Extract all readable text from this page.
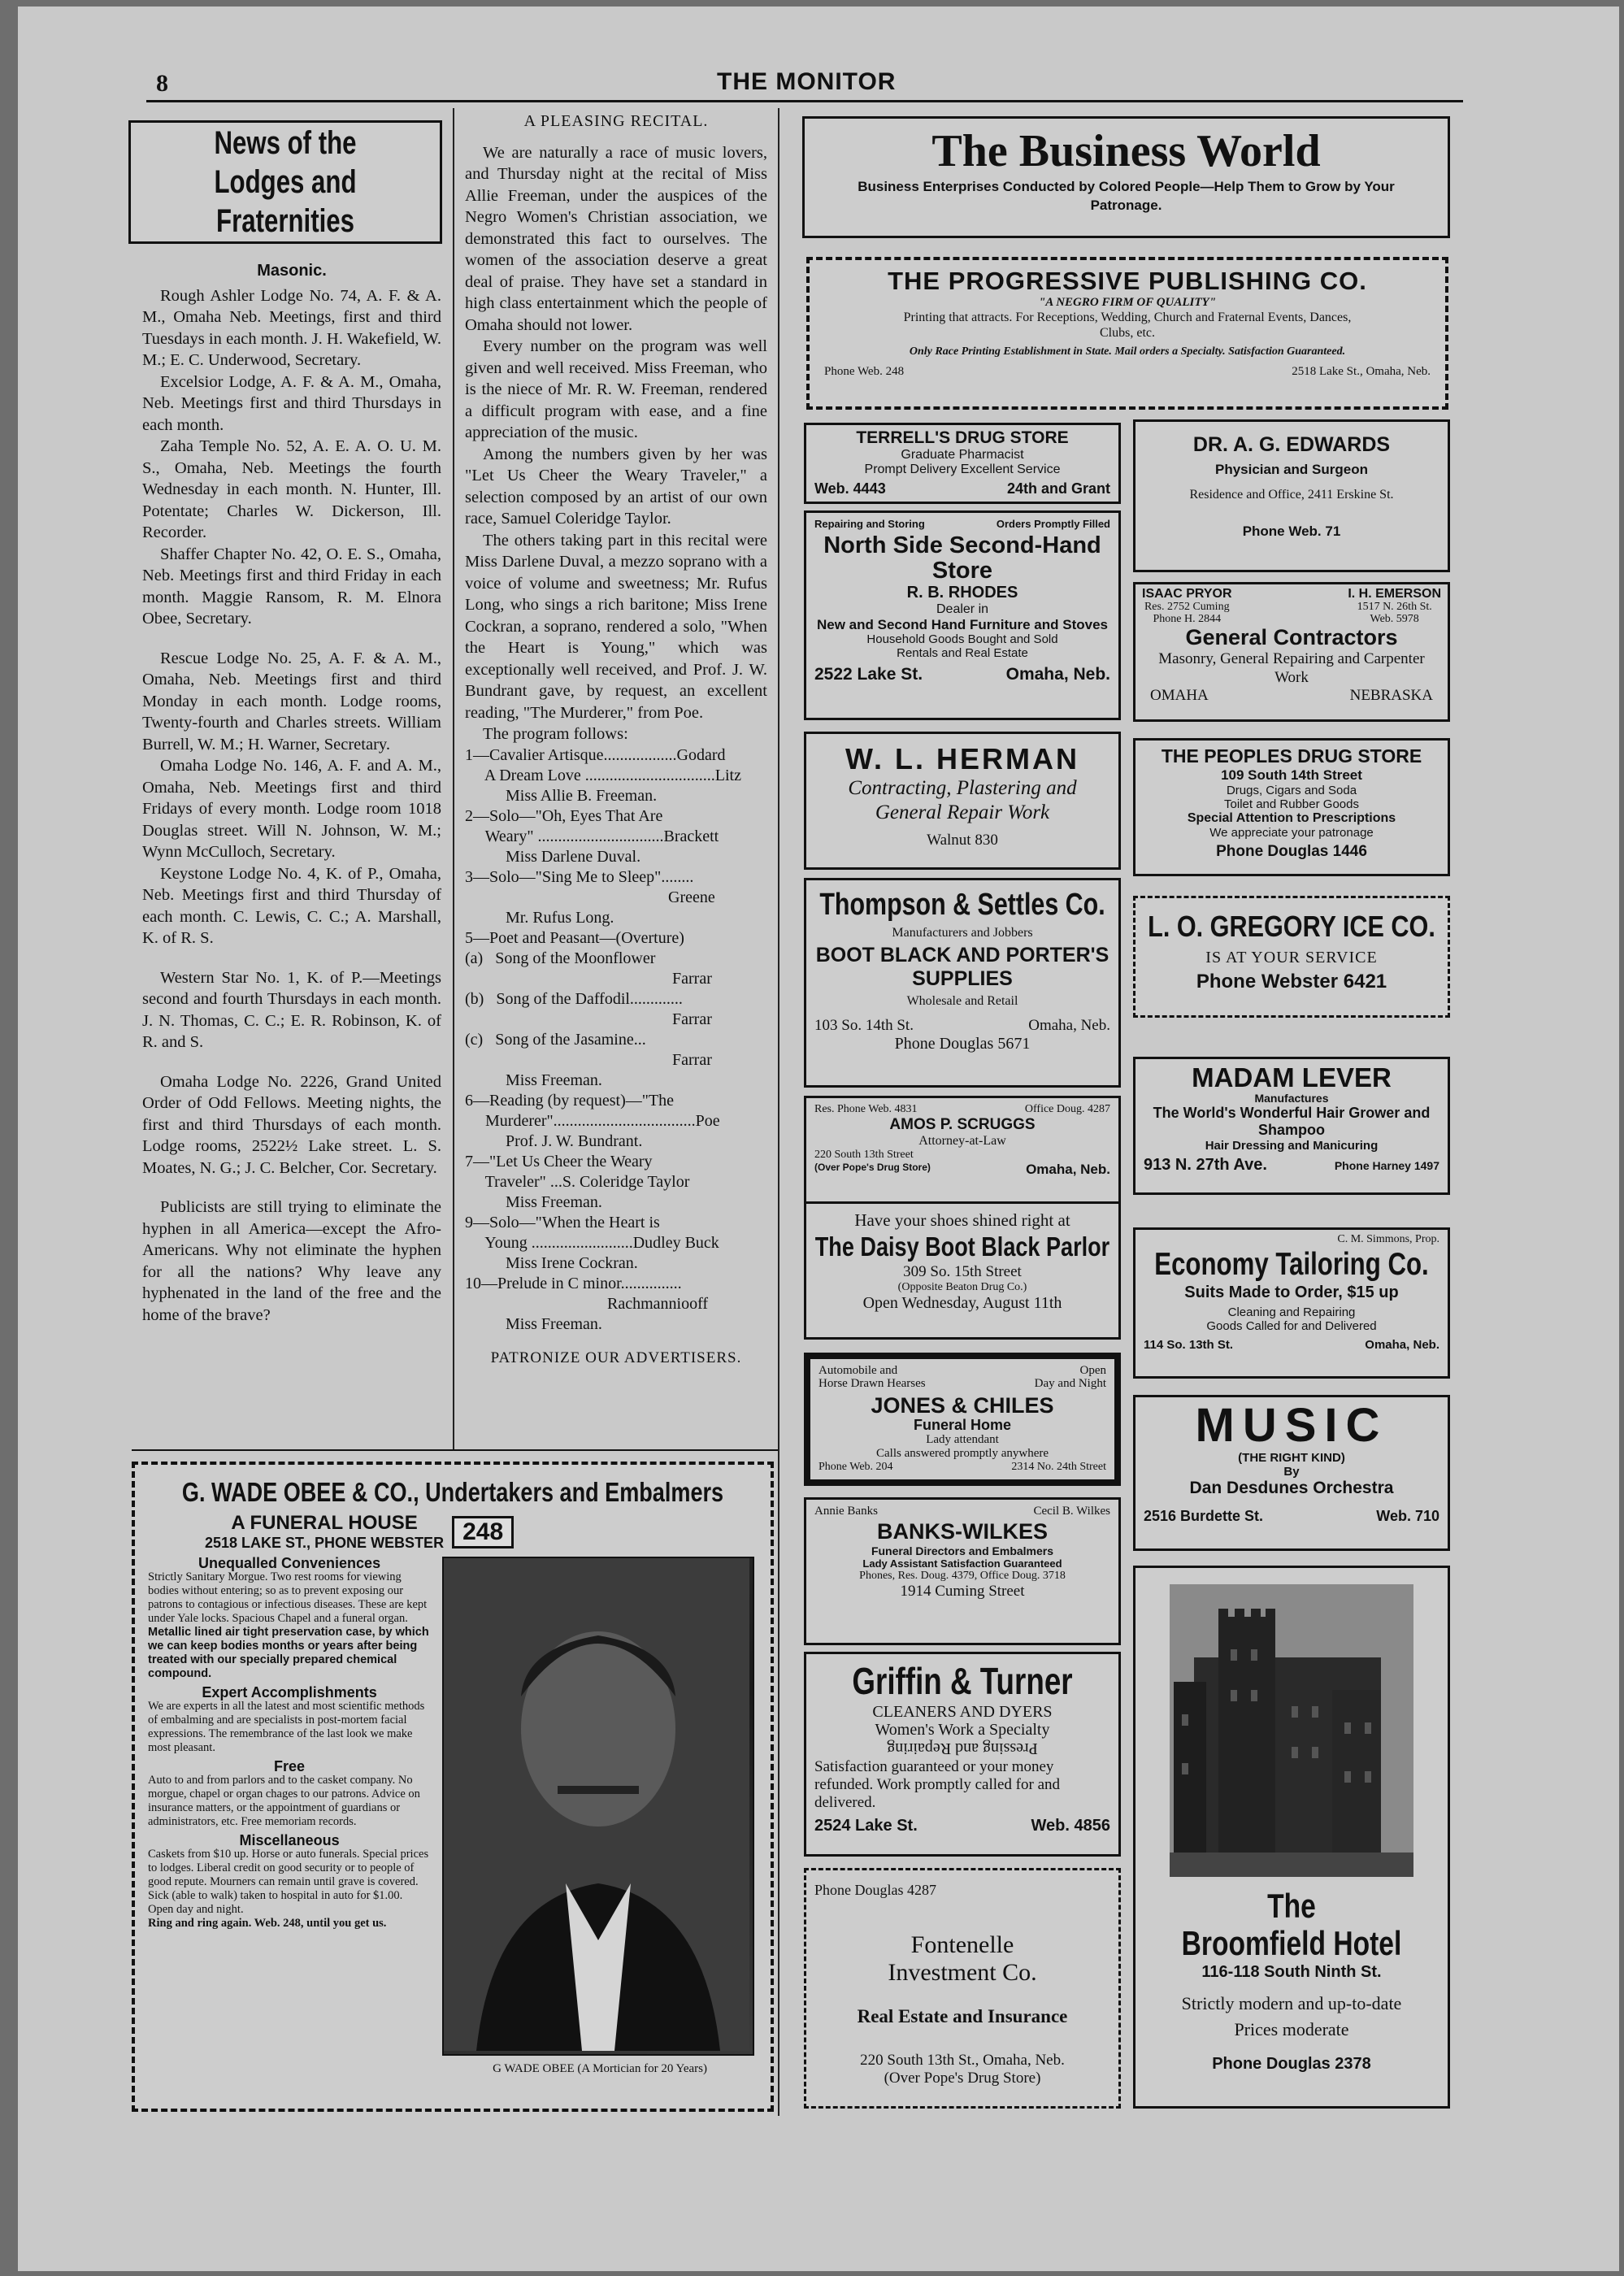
8	THE MONITOR
News of the Lodges and Fraternities
Masonic.

Rough Ashler Lodge No. 74, A. F. & A. M., Omaha Neb. Meetings, first and third Tuesdays in each month. J. H. Wakefield, W. M.; E. C. Underwood, Secretary.

Excelsior Lodge, A. F. & A. M., Omaha, Neb. Meetings first and third Thursdays in each month.

Zaha Temple No. 52, A. E. A. O. U. M. S., Omaha, Neb. Meetings the fourth Wednesday in each month. N. Hunter, Ill. Potentate; Charles W. Dickerson, Ill. Recorder.

Shaffer Chapter No. 42, O. E. S., Omaha, Neb. Meetings first and third Friday in each month. Maggie Ransom, R. M. Elnora Obee, Secretary.

Rescue Lodge No. 25, A. F. & A. M., Omaha, Neb. Meetings first and third Monday in each month. Lodge rooms, Twenty-fourth and Charles streets. William Burrell, W. M.; H. Warner, Secretary.

Omaha Lodge No. 146, A. F. and A. M., Omaha, Neb. Meetings first and third Fridays of every month. Lodge room 1018 Douglas street. Will N. Johnson, W. M.; Wynn McCulloch, Secretary.

Keystone Lodge No. 4, K. of P., Omaha, Neb. Meetings first and third Thursday of each month. C. Lewis, C. C.; A. Marshall, K. of R. S.

Western Star No. 1, K. of P.—Meetings second and fourth Thursdays in each month. J. N. Thomas, C. C.; E. R. Robinson, K. of R. and S.

Omaha Lodge No. 2226, Grand United Order of Odd Fellows. Meeting nights, the first and third Thursdays of each month. Lodge rooms, 2522½ Lake street. L. S. Moates, N. G.; J. C. Belcher, Cor. Secretary.

Publicists are still trying to eliminate the hyphen in all America—except the Afro-Americans. Why not eliminate the hyphen for all the nations? Why leave any hyphenated in the land of the free and the home of the brave?

A PLEASING RECITAL.

We are naturally a race of music lovers, and Thursday night at the recital of Miss Allie Freeman, under the auspices of the Negro Women's Christian association, we demonstrated this fact to ourselves. The women of the association deserve a great deal of praise. They have set a standard in high class entertainment which the people of Omaha should not lower.

Every number on the program was well given and well received. Miss Freeman, who is the niece of Mr. R. W. Freeman, rendered a difficult program with ease, and a fine appreciation of the music.

Among the numbers given by her was "Let Us Cheer the Weary Traveler," a selection composed by an artist of our own race, Samuel Coleridge Taylor.

The others taking part in this recital were Miss Darlene Duval, a mezzo soprano with a voice of volume and sweetness; Mr. Rufus Long, who sings a rich baritone; Miss Irene Cockran, a soprano, rendered a solo, "When the Heart is Young," which was exceptionally well received, and Prof. J. W. Bundrant gave, by request, an excellent reading, "The Murderer," from Poe.

The program follows:

1—Cavalier Artisque..................Godard
A Dream Love ................................Litz
Miss Allie B. Freeman.
2—Solo—"Oh, Eyes That Are
Weary" ...............................Brackett
Miss Darlene Duval.
3—Solo—"Sing Me to Sleep"........
Greene
Mr. Rufus Long.
5—Poet and Peasant—(Overture)
(a)   Song of the Moonflower
Farrar
(b)   Song of the Daffodil.............
Farrar
(c)   Song of the Jasamine...
Farrar
Miss Freeman.
6—Reading (by request)—"The
Murderer"...................................Poe
Prof. J. W. Bundrant.
7—"Let Us Cheer the Weary
Traveler" ...S. Coleridge Taylor
Miss Freeman.
9—Solo—"When the Heart is
Young .........................Dudley Buck
Miss Irene Cockran.
10—Prelude in C minor...............
Rachmanniooff
Miss Freeman.
PATRONIZE OUR ADVERTISERS.
The Business World
Business Enterprises Conducted by Colored People—Help Them to Grow by Your Patronage.
THE PROGRESSIVE PUBLISHING CO.
"A NEGRO FIRM OF QUALITY"
Printing that attracts. For Receptions, Wedding, Church and Fraternal Events, Dances, Clubs, etc.
Only Race Printing Establishment in State. Mail orders a Specialty. Satisfaction Guaranteed.
Phone Web. 248	2518 Lake St., Omaha, Neb.
TERRELL'S DRUG STORE
Graduate Pharmacist
Prompt Delivery Excellent Service
Web. 4443	24th and Grant
Repairing and Storing	Orders Promptly Filled
North Side Second-Hand Store
R. B. RHODES
Dealer in
New and Second Hand Furniture and Stoves
Household Goods Bought and Sold
Rentals and Real Estate
2522 Lake St.	Omaha, Neb.
W. L. HERMAN
Contracting, Plastering and General Repair Work
Walnut 830
Thompson & Settles Co.
Manufacturers and Jobbers
BOOT BLACK AND PORTER'S SUPPLIES
Wholesale and Retail
103 So. 14th St.	Omaha, Neb.
Phone Douglas 5671
Res. Phone Web. 4831	Office Doug. 4287
AMOS P. SCRUGGS
Attorney-at-Law
220 South 13th Street
(Over Pope's Drug Store)	Omaha, Neb.
Have your shoes shined right at
The Daisy Boot Black Parlor
309 So. 15th Street
(Opposite Beaton Drug Co.)
Open Wednesday, August 11th
Automobile and
Horse Drawn Hearses
Open
Day and Night
JONES & CHILES
Funeral Home
Lady attendant
Calls answered promptly anywhere
Phone Web. 204	2314 No. 24th Street
Annie Banks	Cecil B. Wilkes
BANKS-WILKES
Funeral Directors and Embalmers
Lady Assistant Satisfaction Guaranteed
Phones, Res. Doug. 4379, Office Doug. 3718
1914 Cuming Street
Griffin & Turner
CLEANERS AND DYERS
Women's Work a Specialty
Pressing and Repairing
Satisfaction guaranteed or your money refunded. Work promptly called for and delivered.
2524 Lake St.	Web. 4856
Phone Douglas 4287
Fontenelle Investment Co.
Real Estate and Insurance
220 South 13th St., Omaha, Neb.
(Over Pope's Drug Store)
DR. A. G. EDWARDS
Physician and Surgeon
Residence and Office, 2411 Erskine St.
Phone Web. 71
ISAAC PRYOR
Res. 2752 Cuming
Phone H. 2844
I. H. EMERSON
1517 N. 26th St.
Web. 5978
General Contractors
Masonry, General Repairing and Carpenter Work
OMAHA	NEBRASKA
THE PEOPLES DRUG STORE
109 South 14th Street
Drugs, Cigars and Soda
Toilet and Rubber Goods
Special Attention to Prescriptions
We appreciate your patronage
Phone Douglas 1446
L. O. GREGORY ICE CO.
IS AT YOUR SERVICE
Phone Webster 6421
MADAM LEVER
Manufactures
The World's Wonderful Hair Grower and Shampoo
Hair Dressing and Manicuring
913 N. 27th Ave.	Phone Harney 1497
C. M. Simmons, Prop.
Economy Tailoring Co.
Suits Made to Order, $15 up
Cleaning and Repairing
Goods Called for and Delivered
114 So. 13th St.	Omaha, Neb.
MUSIC
(THE RIGHT KIND)
By
Dan Desdunes Orchestra
2516 Burdette St.	Web. 710
The
Broomfield Hotel
116-118 South Ninth St.
Strictly modern and up-to-date
Prices moderate
Phone Douglas 2378
G. WADE OBEE & CO., Undertakers and Embalmers
A FUNERAL HOUSE
2518 LAKE ST., PHONE WEBSTER 248
Unequalled Conveniences
Strictly Sanitary Morgue. Two rest rooms for viewing bodies without entering; so as to prevent exposing our patrons to contagious or infectious diseases. These are kept under Yale locks. Spacious Chapel and a funeral organ.
Metallic lined air tight preservation case, by which we can keep bodies months or years after being treated with our specially prepared chemical compound.
Expert Accomplishments
We are experts in all the latest and most scientific methods of embalming and are specialists in post-mortem facial expressions. The remembrance of the last look we make most pleasant.
Free
Auto to and from parlors and to the casket company. No morgue, chapel or organ chages to our patrons. Advice on insurance matters, or the appointment of guardians or administrators, etc. Free memoriam records.
Miscellaneous
Caskets from $10 up. Horse or auto funerals. Special prices to lodges. Liberal credit on good security or to people of good repute. Mourners can remain until grave is covered. Sick (able to walk) taken to hospital in auto for $1.00. Open day and night.
Ring and ring again. Web. 248, until you get us.
G WADE OBEE (A Mortician for 20 Years)
